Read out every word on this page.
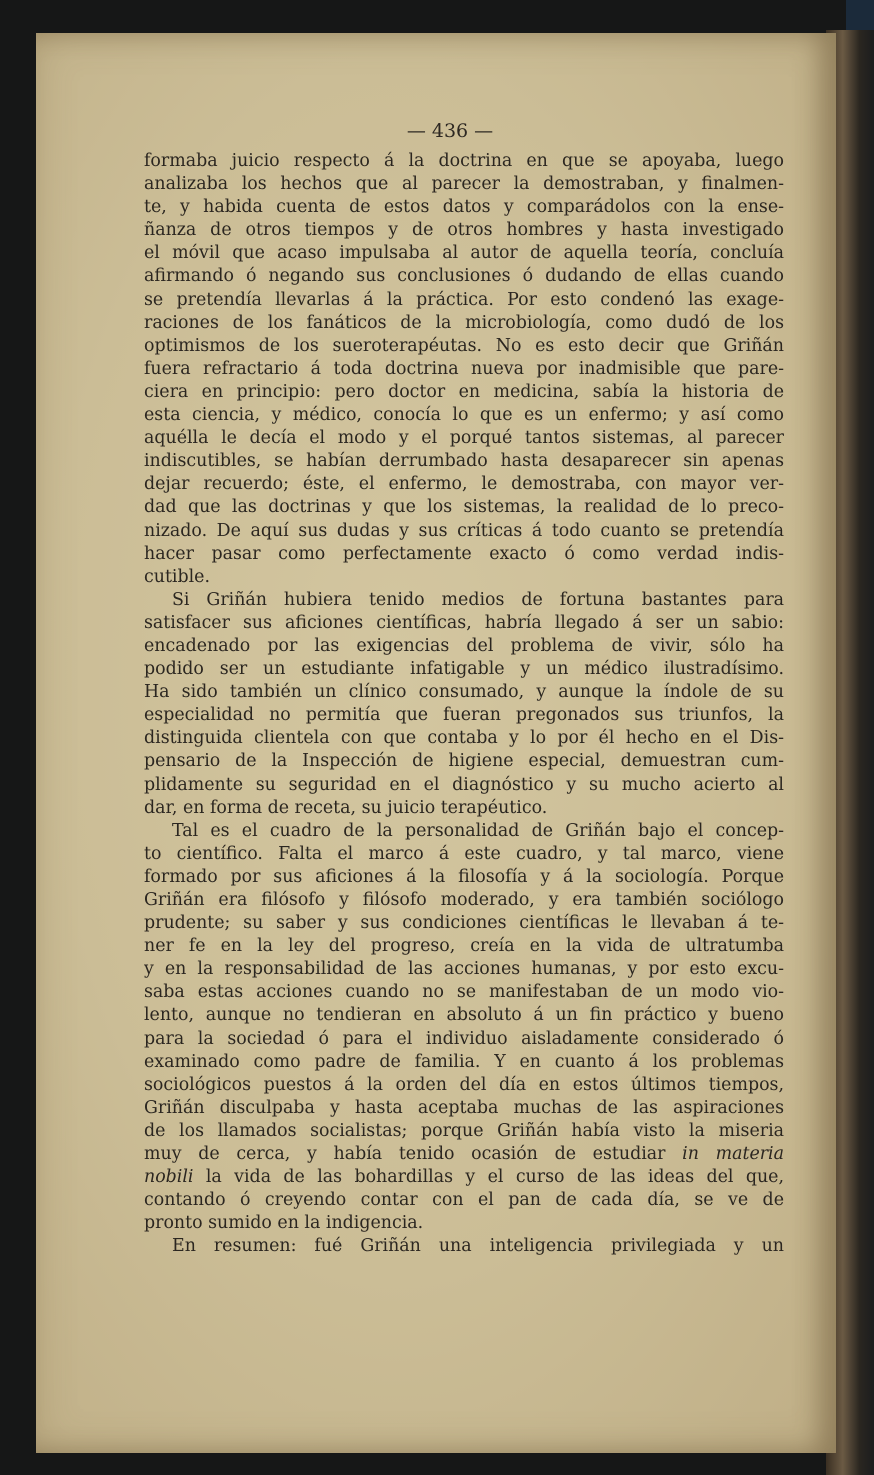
— 436 —

formaba juicio respecto á la doctrina en que se apoyaba, luego
analizaba los hechos que al parecer la demostraban, y finalmen-
te, y habida cuenta de estos datos y comparádolos con la ense-
ñanza de otros tiempos y de otros hombres y hasta investigado
el móvil que acaso impulsaba al autor de aquella teoría, concluía
afirmando ó negando sus conclusiones ó dudando de ellas cuando
se pretendía llevarlas á la práctica. Por esto condenó las exage-
raciones de los fanáticos de la microbiología, como dudó de los
optimismos de los sueroterapéutas. No es esto decir que Griñán
fuera refractario á toda doctrina nueva por inadmisible que pare-
ciera en principio: pero doctor en medicina, sabía la historia de
esta ciencia, y médico, conocía lo que es un enfermo; y así como
aquélla le decía el modo y el porqué tantos sistemas, al parecer
indiscutibles, se habían derrumbado hasta desaparecer sin apenas
dejar recuerdo; éste, el enfermo, le demostraba, con mayor ver-
dad que las doctrinas y que los sistemas, la realidad de lo preco-
nizado. De aquí sus dudas y sus críticas á todo cuanto se pretendía
hacer pasar como perfectamente exacto ó como verdad indis-
cutible.
Si Griñán hubiera tenido medios de fortuna bastantes para
satisfacer sus aficiones científicas, habría llegado á ser un sabio:
encadenado por las exigencias del problema de vivir, sólo ha
podido ser un estudiante infatigable y un médico ilustradísimo.
Ha sido también un clínico consumado, y aunque la índole de su
especialidad no permitía que fueran pregonados sus triunfos, la
distinguida clientela con que contaba y lo por él hecho en el Dis-
pensario de la Inspección de higiene especial, demuestran cum-
plidamente su seguridad en el diagnóstico y su mucho acierto al
dar, en forma de receta, su juicio terapéutico.
Tal es el cuadro de la personalidad de Griñán bajo el concep-
to científico. Falta el marco á este cuadro, y tal marco, viene
formado por sus aficiones á la filosofía y á la sociología. Porque
Griñán era filósofo y filósofo moderado, y era también sociólogo
prudente; su saber y sus condiciones científicas le llevaban á te-
ner fe en la ley del progreso, creía en la vida de ultratumba
y en la responsabilidad de las acciones humanas, y por esto excu-
saba estas acciones cuando no se manifestaban de un modo vio-
lento, aunque no tendieran en absoluto á un fin práctico y bueno
para la sociedad ó para el individuo aisladamente considerado ó
examinado como padre de familia. Y en cuanto á los problemas
sociológicos puestos á la orden del día en estos últimos tiempos,
Griñán disculpaba y hasta aceptaba muchas de las aspiraciones
de los llamados socialistas; porque Griñán había visto la miseria
muy de cerca, y había tenido ocasión de estudiar in materia
nobili la vida de las bohardillas y el curso de las ideas del que,
contando ó creyendo contar con el pan de cada día, se ve de
pronto sumido en la indigencia.
En resumen: fué Griñán una inteligencia privilegiada y un
